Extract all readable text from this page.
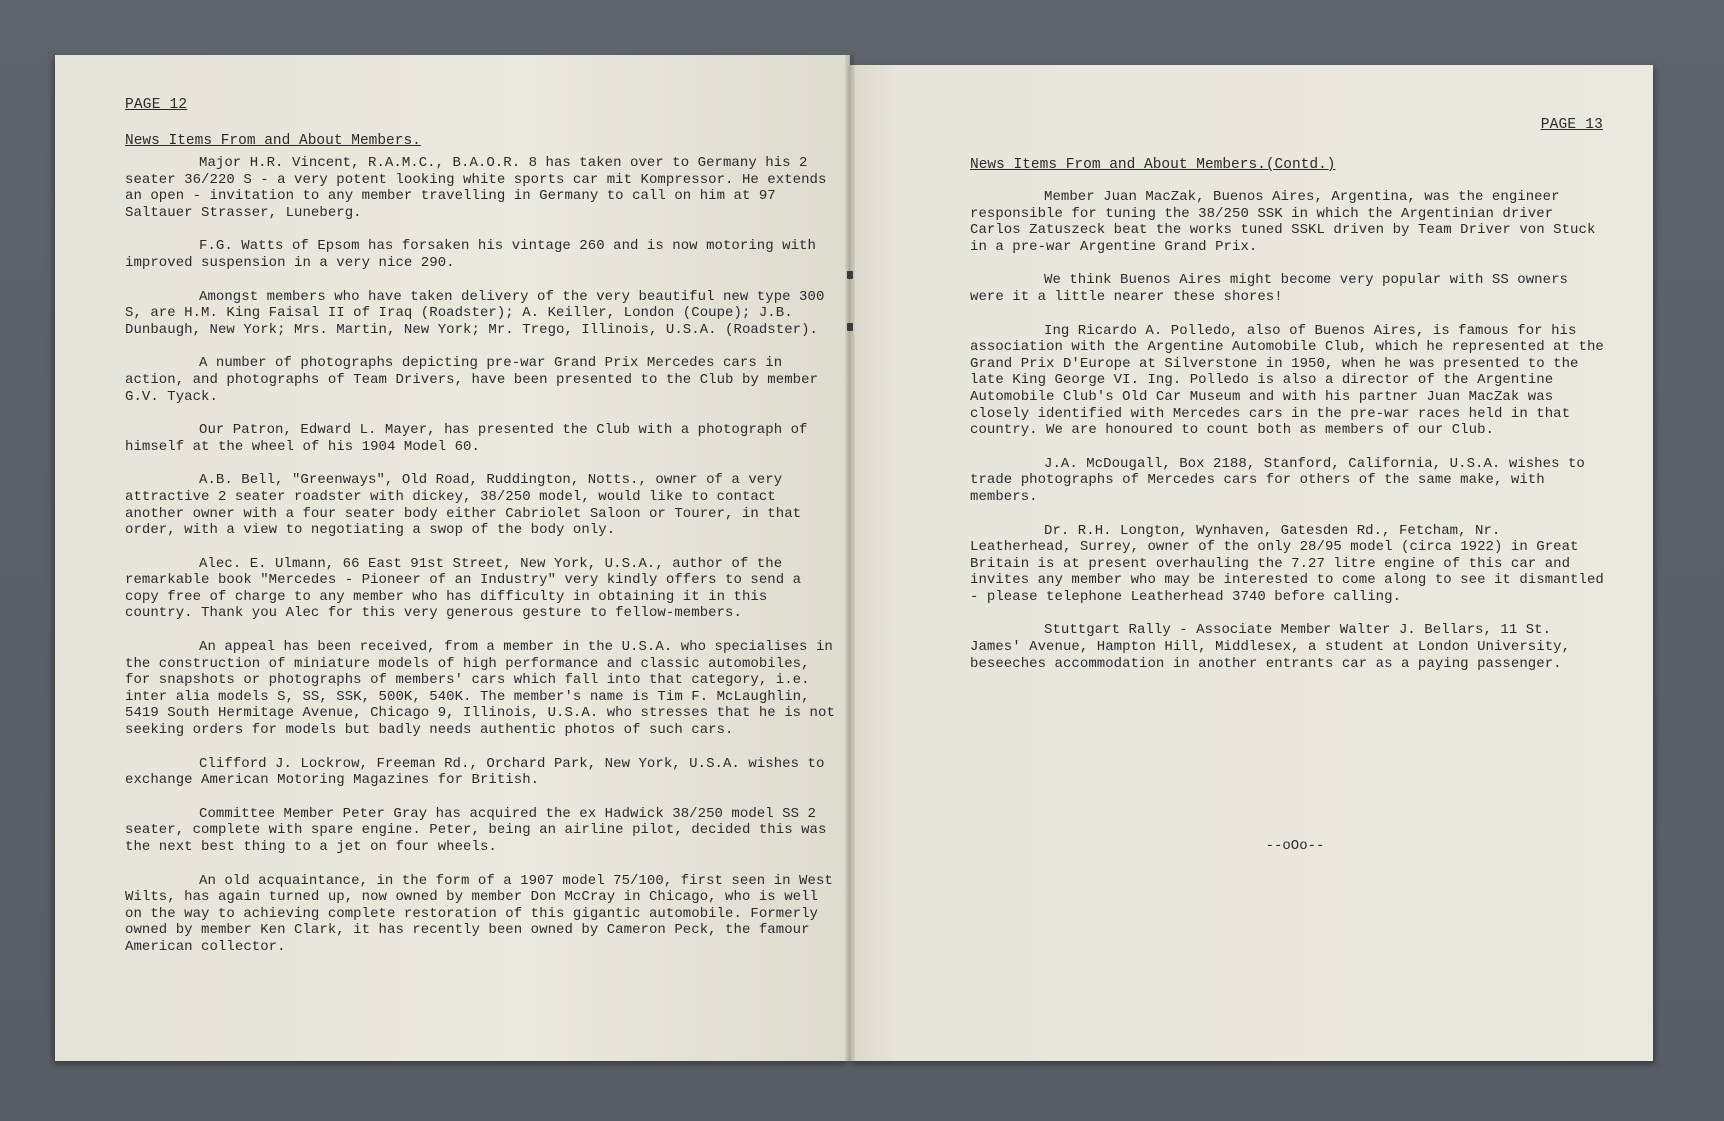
PAGE 12
News Items From and About Members.

Major H.R. Vincent, R.A.M.C., B.A.O.R. 8 has taken over to Germany his 2 seater 36/220 S - a very potent looking white sports car mit Kompressor. He extends an open - invitation to any member travelling in Germany to call on him at 97 Saltauer Strasser, Luneberg.

F.G. Watts of Epsom has forsaken his vintage 260 and is now motoring with improved suspension in a very nice 290.

Amongst members who have taken delivery of the very beautiful new type 300 S, are H.M. King Faisal II of Iraq (Roadster); A. Keiller, London (Coupe); J.B. Dunbaugh, New York; Mrs. Martin, New York; Mr. Trego, Illinois, U.S.A. (Roadster).

A number of photographs depicting pre-war Grand Prix Mercedes cars in action, and photographs of Team Drivers, have been presented to the Club by member G.V. Tyack.

Our Patron, Edward L. Mayer, has presented the Club with a photograph of himself at the wheel of his 1904 Model 60.

A.B. Bell, "Greenways", Old Road, Ruddington, Notts., owner of a very attractive 2 seater roadster with dickey, 38/250 model, would like to contact another owner with a four seater body either Cabriolet Saloon or Tourer, in that order, with a view to negotiating a swop of the body only.

Alec. E. Ulmann, 66 East 91st Street, New York, U.S.A., author of the remarkable book "Mercedes - Pioneer of an Industry" very kindly offers to send a copy free of charge to any member who has difficulty in obtaining it in this country. Thank you Alec for this very generous gesture to fellow-members.

An appeal has been received, from a member in the U.S.A. who specialises in the construction of miniature models of high performance and classic automobiles, for snapshots or photographs of members' cars which fall into that category, i.e. inter alia models S, SS, SSK, 500K, 540K. The member's name is Tim F. McLaughlin, 5419 South Hermitage Avenue, Chicago 9, Illinois, U.S.A. who stresses that he is not seeking orders for models but badly needs authentic photos of such cars.

Clifford J. Lockrow, Freeman Rd., Orchard Park, New York, U.S.A. wishes to exchange American Motoring Magazines for British.

Committee Member Peter Gray has acquired the ex Hadwick 38/250 model SS 2 seater, complete with spare engine. Peter, being an airline pilot, decided this was the next best thing to a jet on four wheels.

An old acquaintance, in the form of a 1907 model 75/100, first seen in West Wilts, has again turned up, now owned by member Don McCray in Chicago, who is well on the way to achieving complete restoration of this gigantic automobile. Formerly owned by member Ken Clark, it has recently been owned by Cameron Peck, the famour American collector.

PAGE 13
News Items From and About Members.(Contd.)

Member Juan MacZak, Buenos Aires, Argentina, was the engineer responsible for tuning the 38/250 SSK in which the Argentinian driver Carlos Zatuszeck beat the works tuned SSKL driven by Team Driver von Stuck in a pre-war Argentine Grand Prix.

We think Buenos Aires might become very popular with SS owners were it a little nearer these shores!

Ing Ricardo A. Polledo, also of Buenos Aires, is famous for his association with the Argentine Automobile Club, which he represented at the Grand Prix D'Europe at Silverstone in 1950, when he was presented to the late King George VI. Ing. Polledo is also a director of the Argentine Automobile Club's Old Car Museum and with his partner Juan MacZak was closely identified with Mercedes cars in the pre-war races held in that country. We are honoured to count both as members of our Club.

J.A. McDougall, Box 2188, Stanford, California, U.S.A. wishes to trade photographs of Mercedes cars for others of the same make, with members.

Dr. R.H. Longton, Wynhaven, Gatesden Rd., Fetcham, Nr. Leatherhead, Surrey, owner of the only 28/95 model (circa 1922) in Great Britain is at present overhauling the 7.27 litre engine of this car and invites any member who may be interested to come along to see it dismantled - please telephone Leatherhead 3740 before calling.

Stuttgart Rally - Associate Member Walter J. Bellars, 11 St. James' Avenue, Hampton Hill, Middlesex, a student at London University, beseeches accommodation in another entrants car as a paying passenger.

--oOo--
